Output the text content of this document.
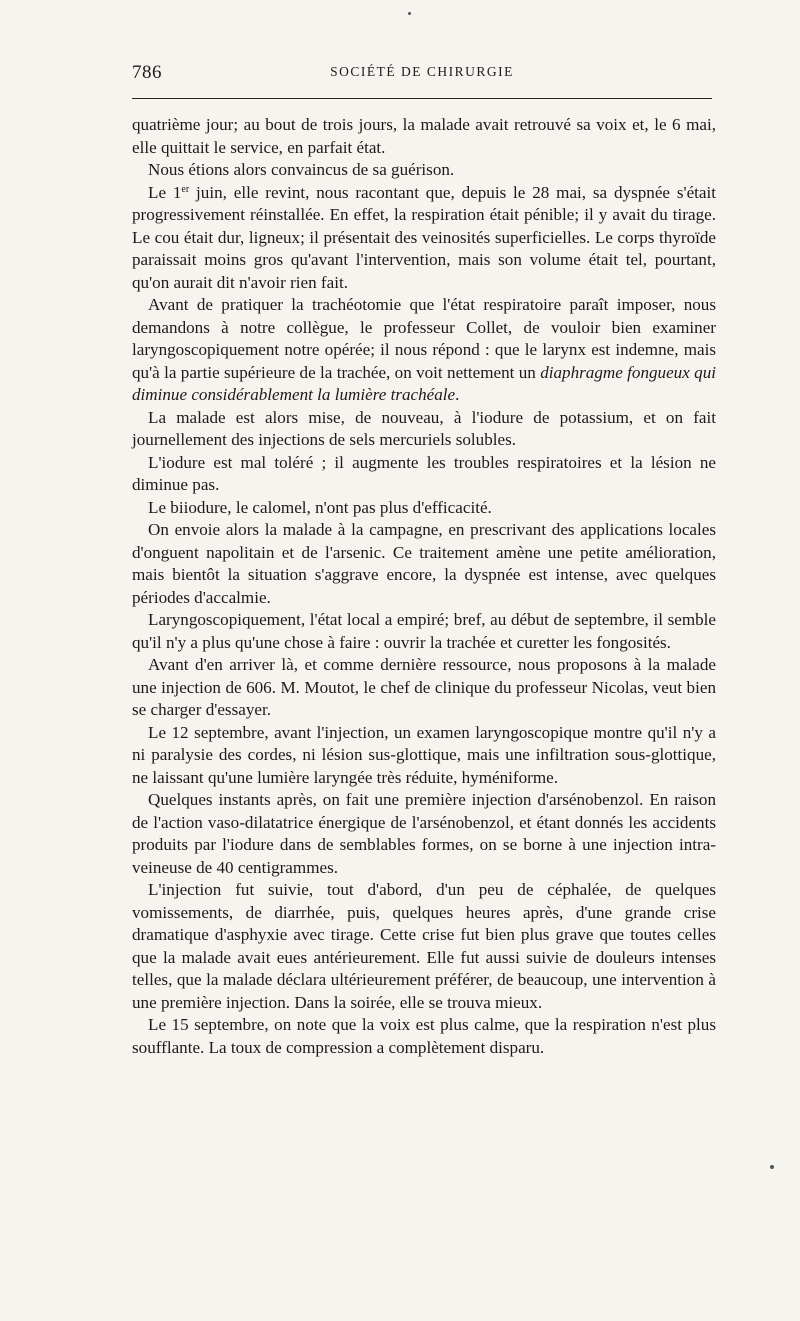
786	SOCIÉTÉ DE CHIRURGIE

quatrième jour; au bout de trois jours, la malade avait retrouvé sa voix et, le 6 mai, elle quittait le service, en parfait état.

Nous étions alors convaincus de sa guérison.

Le 1er juin, elle revint, nous racontant que, depuis le 28 mai, sa dyspnée s'était progressivement réinstallée. En effet, la respiration était pénible; il y avait du tirage. Le cou était dur, ligneux; il présentait des veinosités superficielles. Le corps thyroïde paraissait moins gros qu'avant l'intervention, mais son volume était tel, pourtant, qu'on aurait dit n'avoir rien fait.

Avant de pratiquer la trachéotomie que l'état respiratoire paraît imposer, nous demandons à notre collègue, le professeur Collet, de vouloir bien examiner laryngoscopiquement notre opérée; il nous répond : que le larynx est indemne, mais qu'à la partie supérieure de la trachée, on voit nettement un diaphragme fongueux qui diminue considérablement la lumière trachéale.

La malade est alors mise, de nouveau, à l'iodure de potassium, et on fait journellement des injections de sels mercuriels solubles.

L'iodure est mal toléré ; il augmente les troubles respiratoires et la lésion ne diminue pas.

Le biiodure, le calomel, n'ont pas plus d'efficacité.

On envoie alors la malade à la campagne, en prescrivant des applications locales d'onguent napolitain et de l'arsenic. Ce traitement amène une petite amélioration, mais bientôt la situation s'aggrave encore, la dyspnée est intense, avec quelques périodes d'accalmie.

Laryngoscopiquement, l'état local a empiré; bref, au début de septembre, il semble qu'il n'y a plus qu'une chose à faire : ouvrir la trachée et curetter les fongosités.

Avant d'en arriver là, et comme dernière ressource, nous proposons à la malade une injection de 606. M. Moutot, le chef de clinique du professeur Nicolas, veut bien se charger d'essayer.

Le 12 septembre, avant l'injection, un examen laryngoscopique montre qu'il n'y a ni paralysie des cordes, ni lésion sus-glottique, mais une infiltration sous-glottique, ne laissant qu'une lumière laryngée très réduite, hyméniforme.

Quelques instants après, on fait une première injection d'arsénobenzol. En raison de l'action vaso-dilatatrice énergique de l'arsénobenzol, et étant donnés les accidents produits par l'iodure dans de semblables formes, on se borne à une injection intra-veineuse de 40 centigrammes.

L'injection fut suivie, tout d'abord, d'un peu de céphalée, de quelques vomissements, de diarrhée, puis, quelques heures après, d'une grande crise dramatique d'asphyxie avec tirage. Cette crise fut bien plus grave que toutes celles que la malade avait eues antérieurement. Elle fut aussi suivie de douleurs intenses telles, que la malade déclara ultérieurement préférer, de beaucoup, une intervention à une première injection. Dans la soirée, elle se trouva mieux.

Le 15 septembre, on note que la voix est plus calme, que la respiration n'est plus soufflante. La toux de compression a complètement disparu.
